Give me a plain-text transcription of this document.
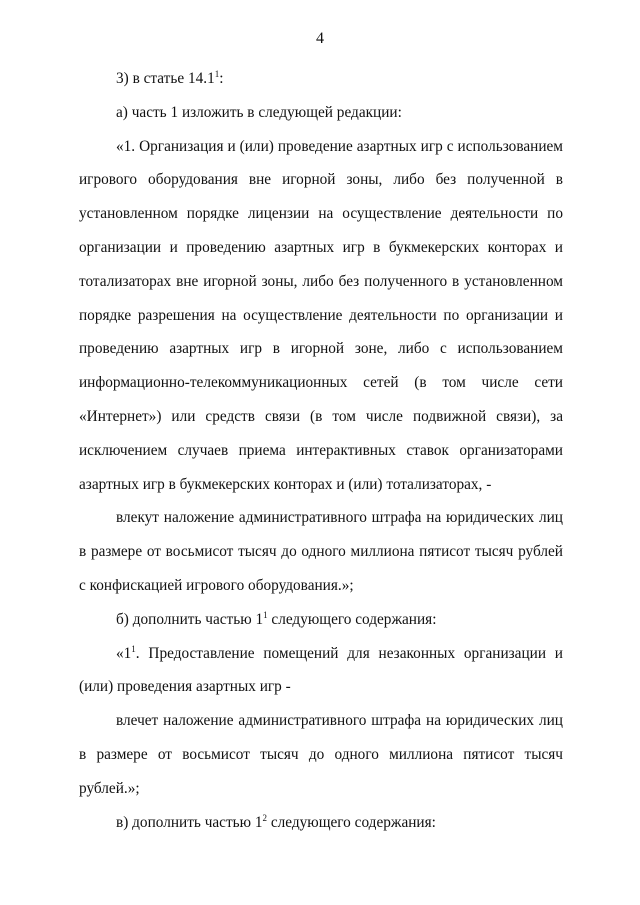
4

3) в статье 14.1$^1$:

а) часть 1 изложить в следующей редакции:

«1. Организация и (или) проведение азартных игр с использованием игрового оборудования вне игорной зоны, либо без полученной в установленном порядке лицензии на осуществление деятельности по организации и проведению азартных игр в букмекерских конторах и тотализаторах вне игорной зоны, либо без полученного в установленном порядке разрешения на осуществление деятельности по организации и проведению азартных игр в игорной зоне, либо с использованием информационно-телекоммуникационных сетей (в том числе сети «Интернет») или средств связи (в том числе подвижной связи), за исключением случаев приема интерактивных ставок организаторами азартных игр в букмекерских конторах и (или) тотализаторах, -

влекут наложение административного штрафа на юридических лиц в размере от восьмисот тысяч до одного миллиона пятисот тысяч рублей с конфискацией игрового оборудования.»;

б) дополнить частью $1^1$ следующего содержания:

«$1^1$. Предоставление помещений для незаконных организации и (или) проведения азартных игр -

влечет наложение административного штрафа на юридических лиц в размере от восьмисот тысяч до одного миллиона пятисот тысяч рублей.»;

в) дополнить частью $1^2$ следующего содержания:
